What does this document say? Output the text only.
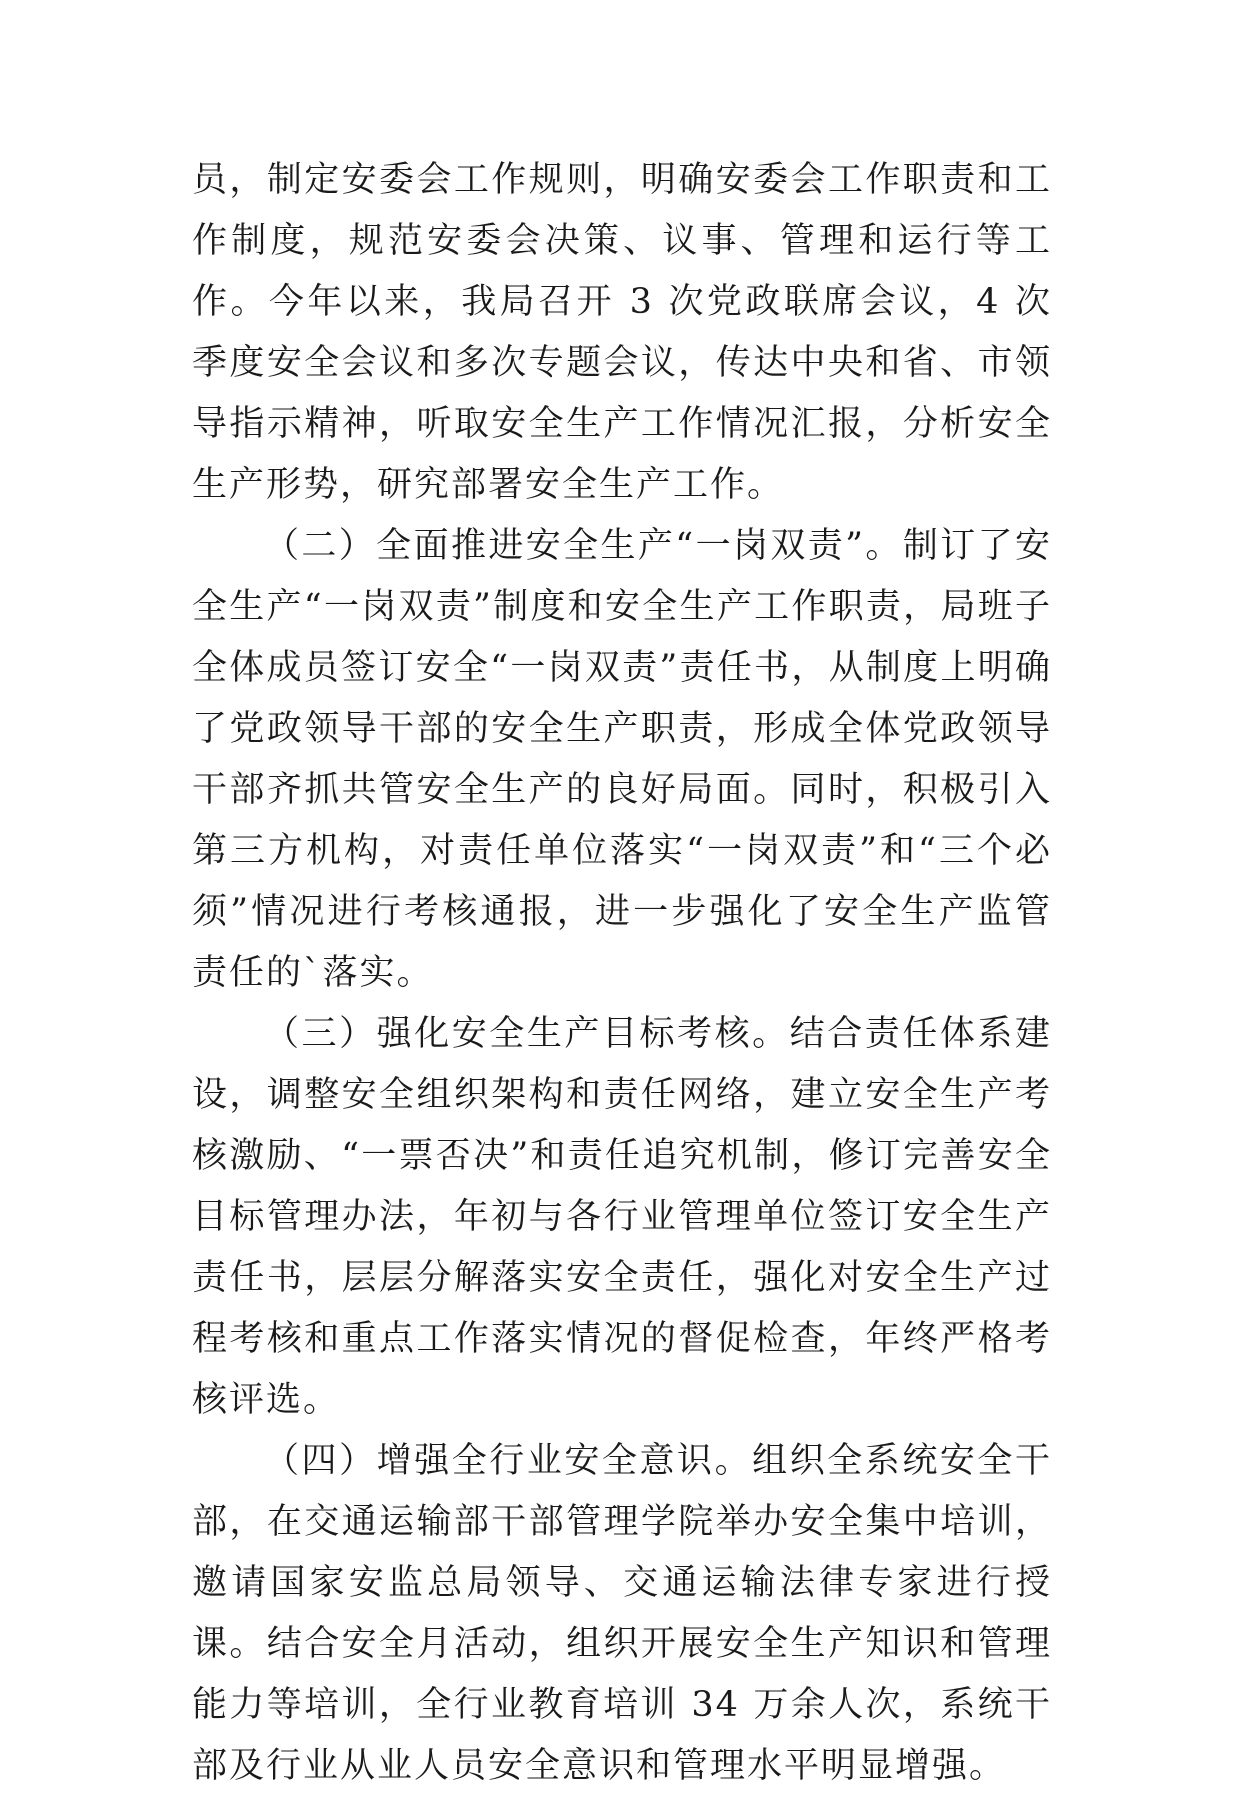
员，制定安委会工作规则，明确安委会工作职责和工作制度，规范安委会决策、议事、管理和运行等工作。今年以来，我局召开 3 次党政联席会议，4 次季度安全会议和多次专题会议，传达中央和省、市领导指示精神，听取安全生产工作情况汇报，分析安全生产形势，研究部署安全生产工作。

（二）全面推进安全生产“一岗双责”。制订了安全生产“一岗双责”制度和安全生产工作职责，局班子全体成员签订安全“一岗双责”责任书，从制度上明确了党政领导干部的安全生产职责，形成全体党政领导干部齐抓共管安全生产的良好局面。同时，积极引入第三方机构，对责任单位落实“一岗双责”和“三个必须”情况进行考核通报，进一步强化了安全生产监管责任的`落实。

（三）强化安全生产目标考核。结合责任体系建设，调整安全组织架构和责任网络，建立安全生产考核激励、“一票否决”和责任追究机制，修订完善安全目标管理办法，年初与各行业管理单位签订安全生产责任书，层层分解落实安全责任，强化对安全生产过程考核和重点工作落实情况的督促检查，年终严格考核评选。

（四）增强全行业安全意识。组织全系统安全干部，在交通运输部干部管理学院举办安全集中培训，邀请国家安监总局领导、交通运输法律专家进行授课。结合安全月活动，组织开展安全生产知识和管理能力等培训，全行业教育培训 34 万余人次，系统干部及行业从业人员安全意识和管理水平明显增强。
